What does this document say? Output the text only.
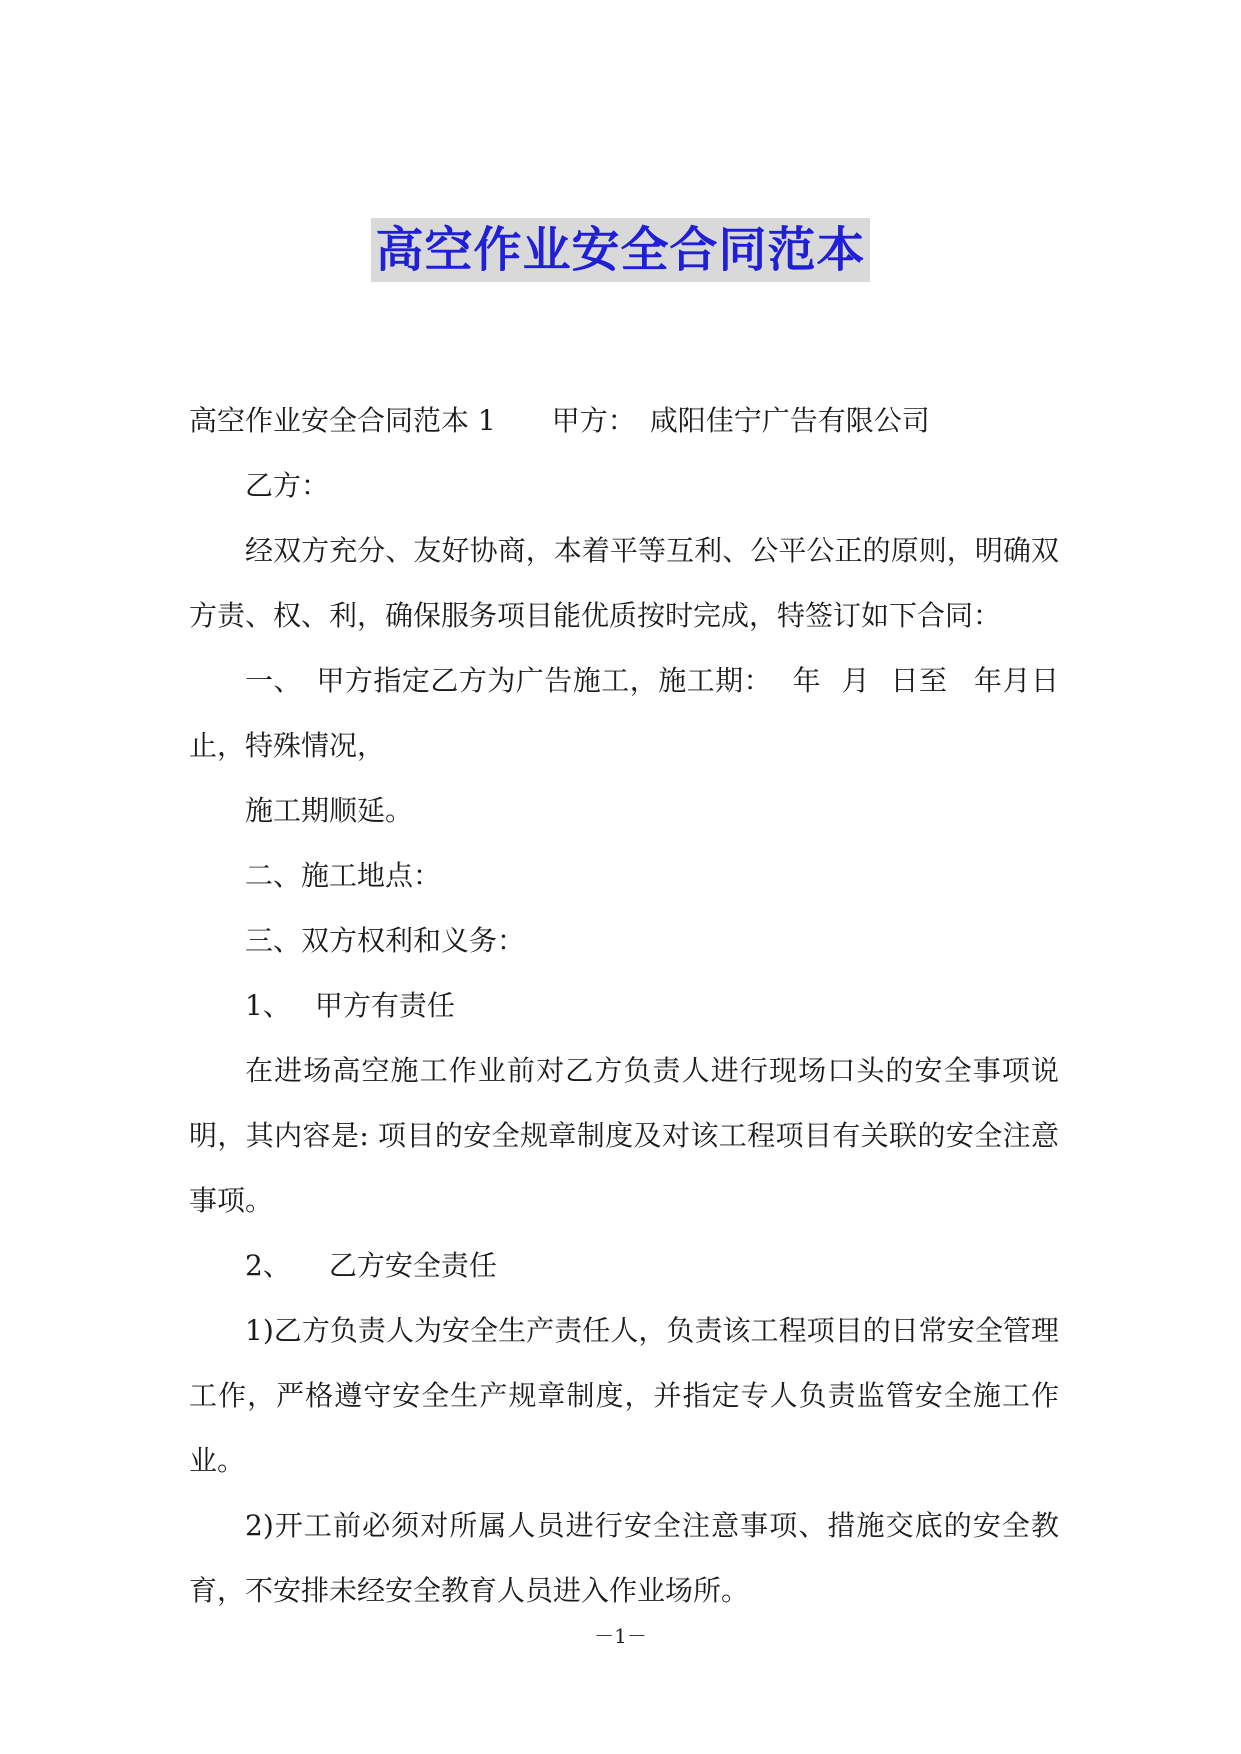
高空作业安全合同范本

高空作业安全合同范本 1 甲方： 咸阳佳宁广告有限公司

乙方：

经双方充分、友好协商，本着平等互利、公平公正的原则，明确双方责、权、利，确保服务项目能优质按时完成，特签订如下合同：

一、 甲方指定乙方为广告施工，施工期： 年 月 日至 年月日止，特殊情况，

施工期顺延。

二、施工地点：

三、双方权利和义务：

1、 甲方有责任

在进场高空施工作业前对乙方负责人进行现场口头的安全事项说明，其内容是: 项目的安全规章制度及对该工程项目有关联的安全注意事项。

2、 乙方安全责任

1)乙方负责人为安全生产责任人，负责该工程项目的日常安全管理工作，严格遵守安全生产规章制度，并指定专人负责监管安全施工作业。

2)开工前必须对所属人员进行安全注意事项、措施交底的安全教育，不安排未经安全教育人员进入作业场所。

－1－
